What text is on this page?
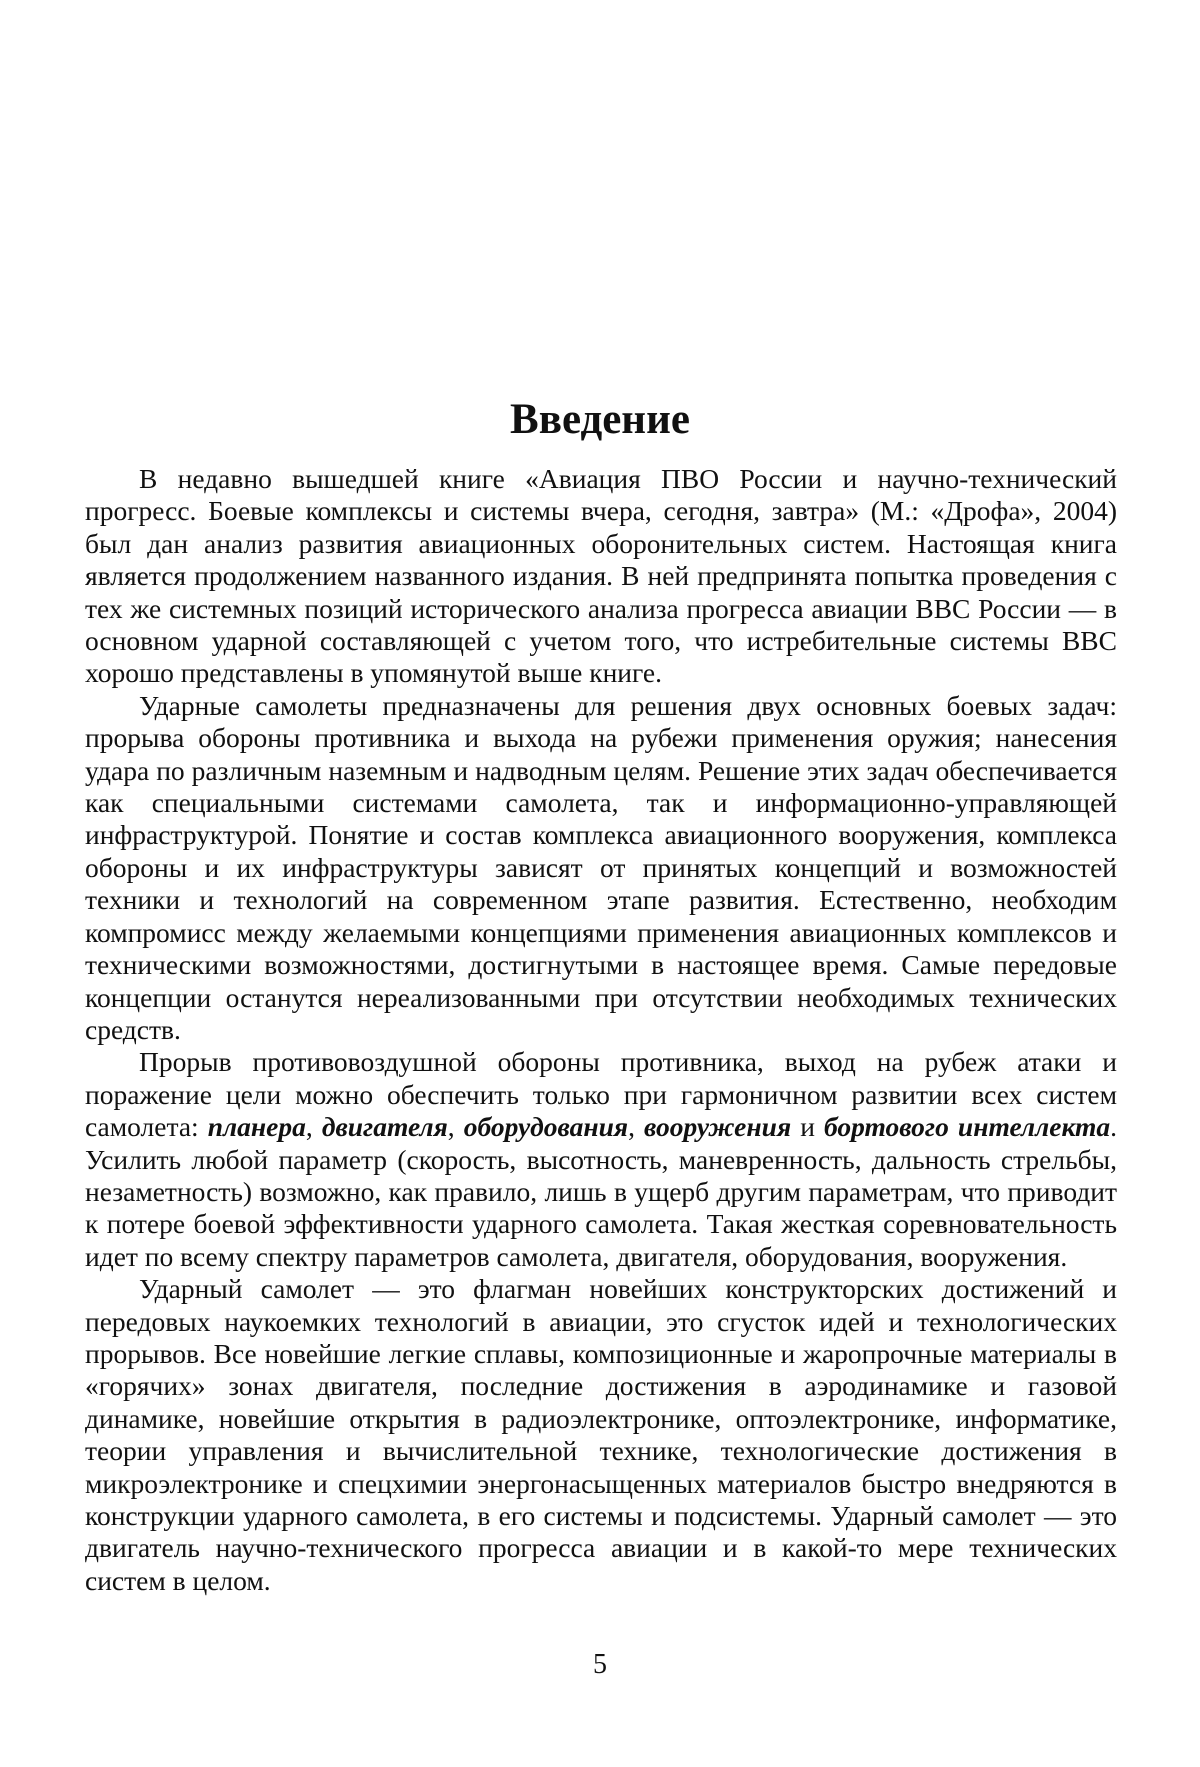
Введение

В недавно вышедшей книге «Авиация ПВО России и научно-технический прогресс. Боевые комплексы и системы вчера, сегодня, завтра» (М.: «Дрофа», 2004) был дан анализ развития авиационных оборонительных систем. Настоящая книга является продолжением названного издания. В ней предпринята попытка проведения с тех же системных позиций исторического анализа прогресса авиации ВВС России — в основном ударной составляющей с учетом того, что истребительные системы ВВС хорошо представлены в упомянутой выше книге.

Ударные самолеты предназначены для решения двух основных боевых задач: прорыва обороны противника и выхода на рубежи применения оружия; нанесения удара по различным наземным и надводным целям. Решение этих задач обеспечивается как специальными системами самолета, так и информационно-управляющей инфраструктурой. Понятие и состав комплекса авиационного вооружения, комплекса обороны и их инфраструктуры зависят от принятых концепций и возможностей техники и технологий на современном этапе развития. Естественно, необходим компромисс между желаемыми концепциями применения авиационных комплексов и техническими возможностями, достигнутыми в настоящее время. Самые передовые концепции останутся нереализованными при отсутствии необходимых технических средств.

Прорыв противовоздушной обороны противника, выход на рубеж атаки и поражение цели можно обеспечить только при гармоничном развитии всех систем самолета: планера, двигателя, оборудования, вооружения и бортового интеллекта. Усилить любой параметр (скорость, высотность, маневренность, дальность стрельбы, незаметность) возможно, как правило, лишь в ущерб другим параметрам, что приводит к потере боевой эффективности ударного самолета. Такая жесткая соревновательность идет по всему спектру параметров самолета, двигателя, оборудования, вооружения.

Ударный самолет — это флагман новейших конструкторских достижений и передовых наукоемких технологий в авиации, это сгусток идей и технологических прорывов. Все новейшие легкие сплавы, композиционные и жаропрочные материалы в «горячих» зонах двигателя, последние достижения в аэродинамике и газовой динамике, новейшие открытия в радиоэлектронике, оптоэлектронике, информатике, теории управления и вычислительной технике, технологические достижения в микроэлектронике и спецхимии энергонасыщенных материалов быстро внедряются в конструкции ударного самолета, в его системы и подсистемы. Ударный самолет — это двигатель научно-технического прогресса авиации и в какой-то мере технических систем в целом.

5
